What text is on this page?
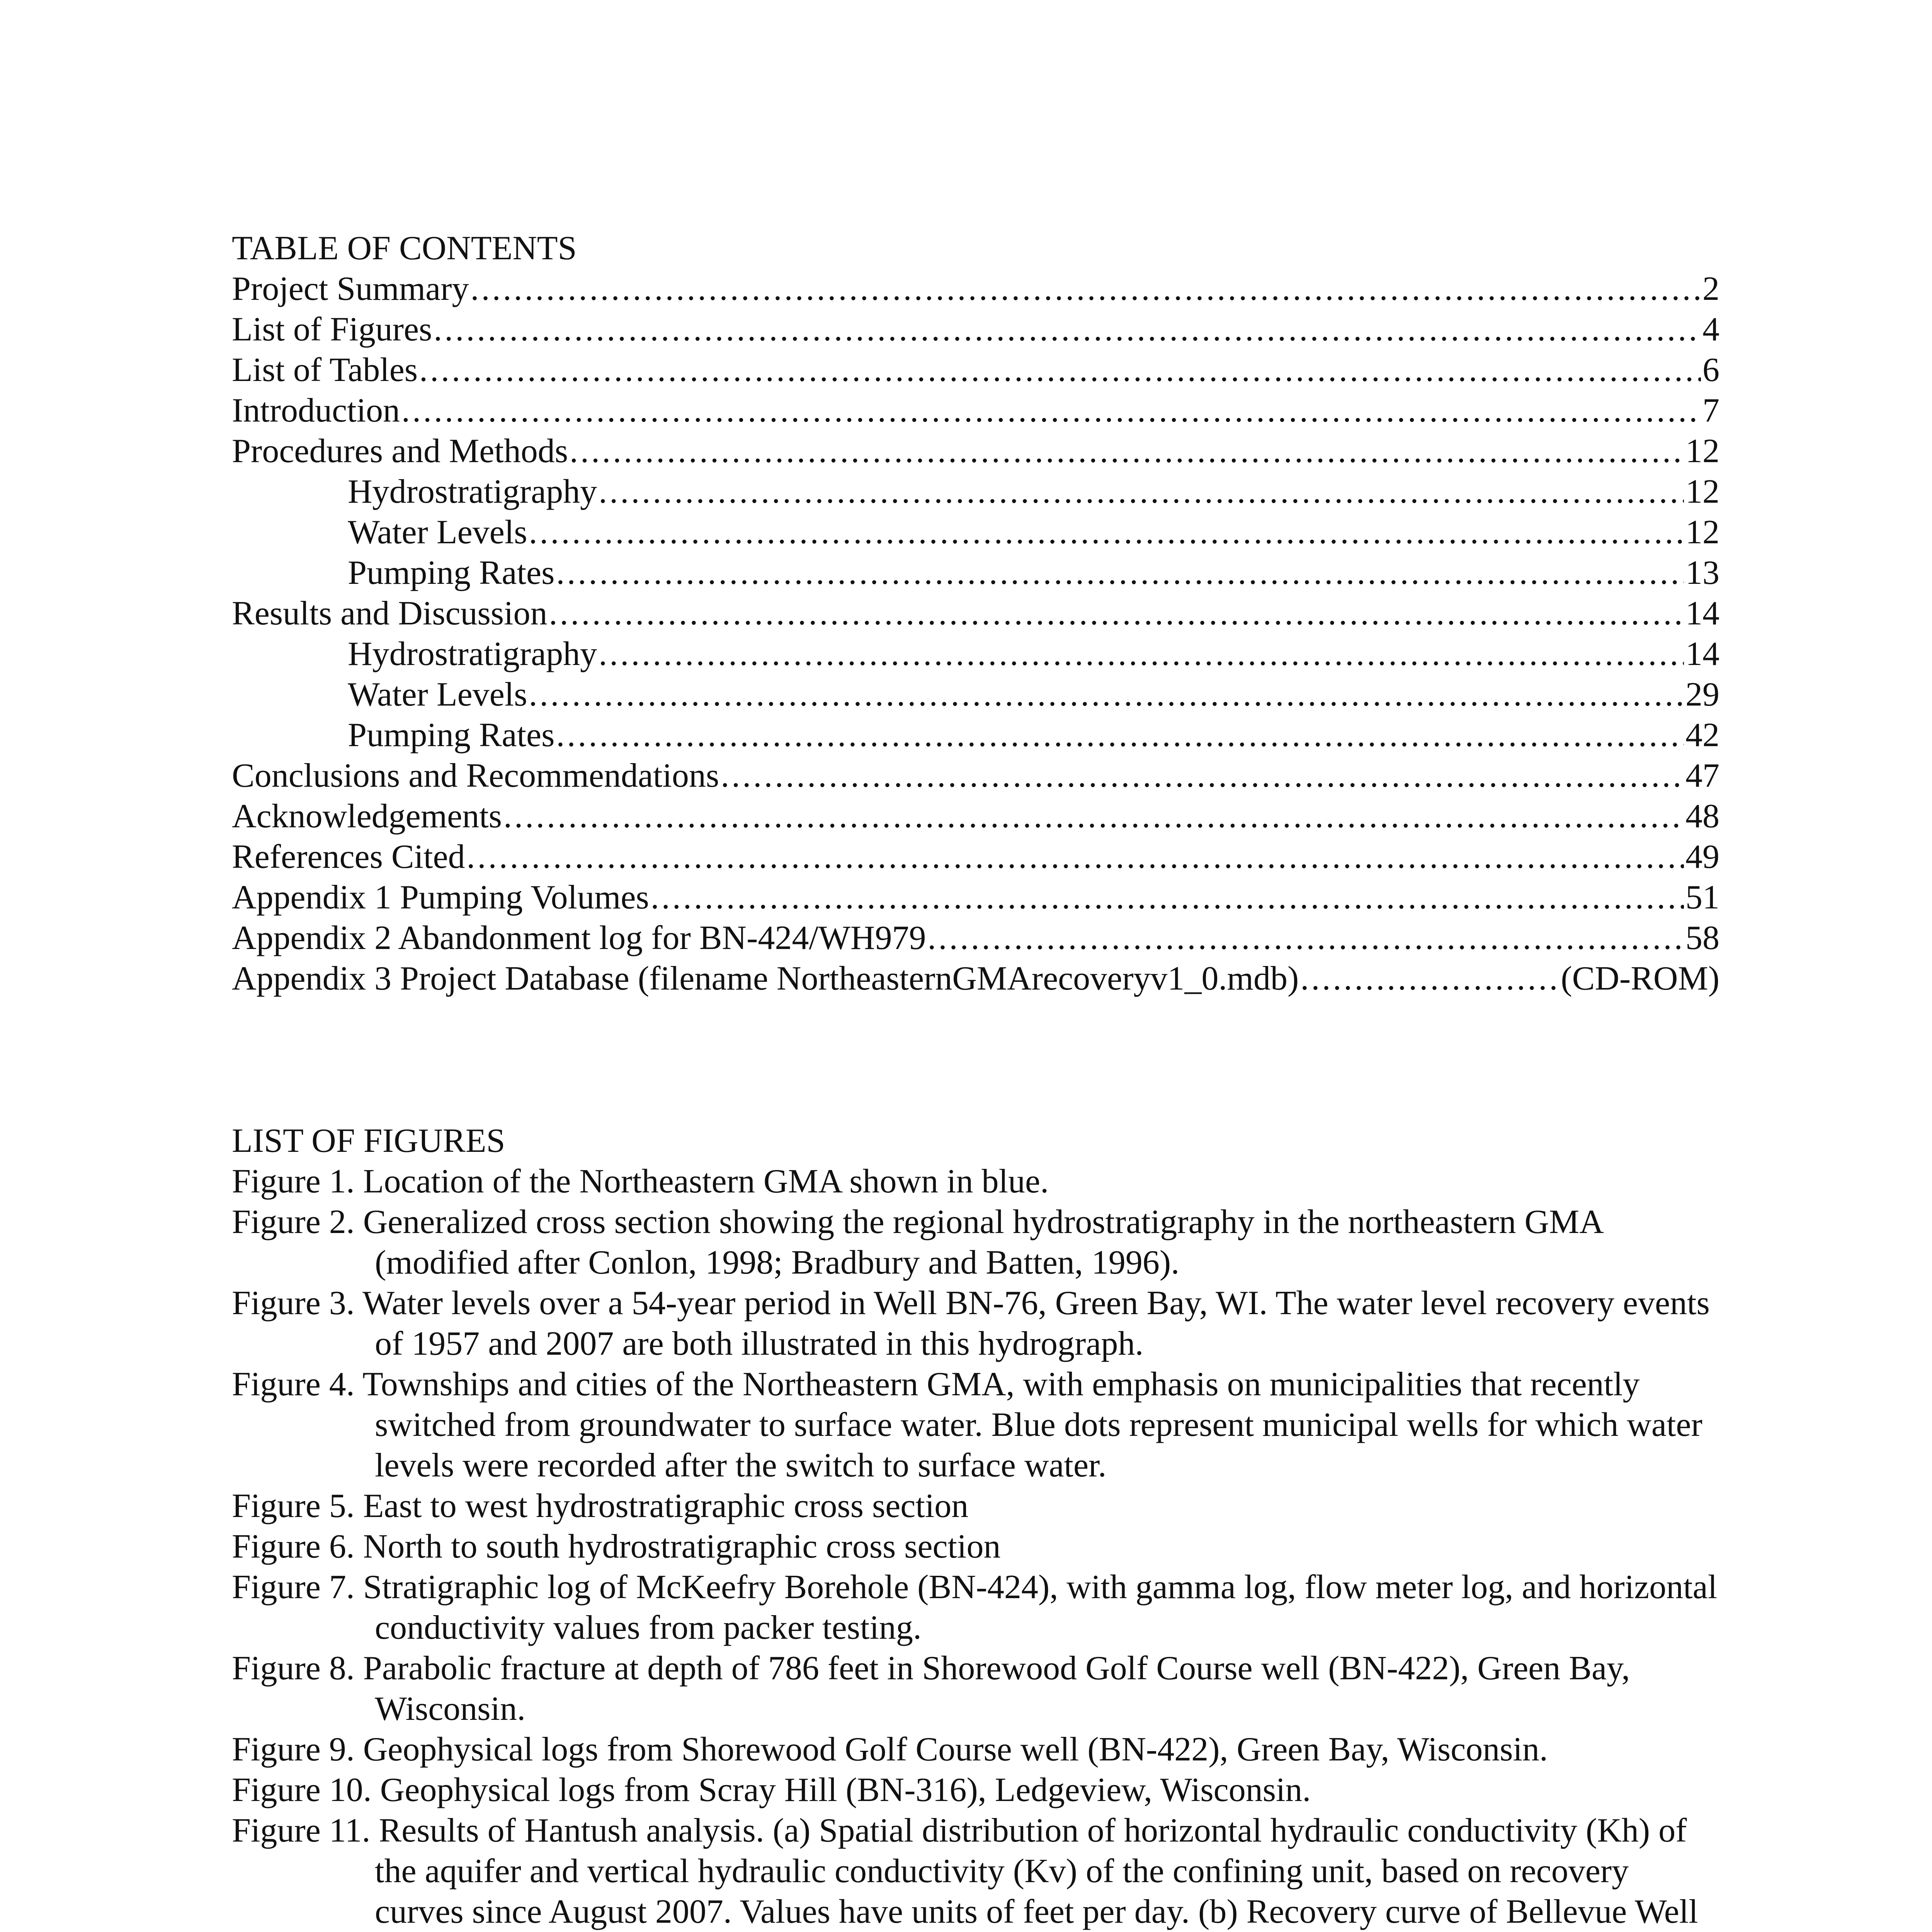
TABLE OF CONTENTS
Project Summary . . .	2
List of Figures . . .	4
List of Tables . . .	6
Introduction . . .	7
Procedures and Methods . . .	12
Hydrostratigraphy . . .	12
Water Levels . . .	12
Pumping Rates . . .	13
Results and Discussion . . .	14
Hydrostratigraphy . . .	14
Water Levels . . .	29
Pumping Rates . . .	42
Conclusions and Recommendations . . .	47
Acknowledgements . . .	48
References Cited . . .	49
Appendix 1 Pumping Volumes . . .	51
Appendix 2 Abandonment log for BN-424/WH979 . . .	58
Appendix 3 Project Database (filename NortheasternGMArecoveryv1_0.mdb) . . .	(CD-ROM)
LIST OF FIGURES

Figure 1. Location of the Northeastern GMA shown in blue.

Figure 2. Generalized cross section showing the regional hydrostratigraphy in the northeastern GMA (modified after Conlon, 1998; Bradbury and Batten, 1996).

Figure 3. Water levels over a 54-year period in Well BN-76, Green Bay, WI. The water level recovery events of 1957 and 2007 are both illustrated in this hydrograph.

Figure 4. Townships and cities of the Northeastern GMA, with emphasis on municipalities that recently switched from groundwater to surface water. Blue dots represent municipal wells for which water levels were recorded after the switch to surface water.

Figure 5. East to west hydrostratigraphic cross section

Figure 6. North to south hydrostratigraphic cross section

Figure 7. Stratigraphic log of McKeefry Borehole (BN-424), with gamma log, flow meter log, and horizontal conductivity values from packer testing.

Figure 8. Parabolic fracture at depth of 786 feet in Shorewood Golf Course well (BN-422), Green Bay, Wisconsin.

Figure 9. Geophysical logs from Shorewood Golf Course well (BN-422), Green Bay, Wisconsin.

Figure 10. Geophysical logs from Scray Hill (BN-316), Ledgeview, Wisconsin.

Figure 11. Results of Hantush analysis. (a) Spatial distribution of horizontal hydraulic conductivity (Kh) of the aquifer and vertical hydraulic conductivity (Kv) of the confining unit, based on recovery curves since August 2007. Values have units of feet per day. (b) Recovery curve of Bellevue Well
